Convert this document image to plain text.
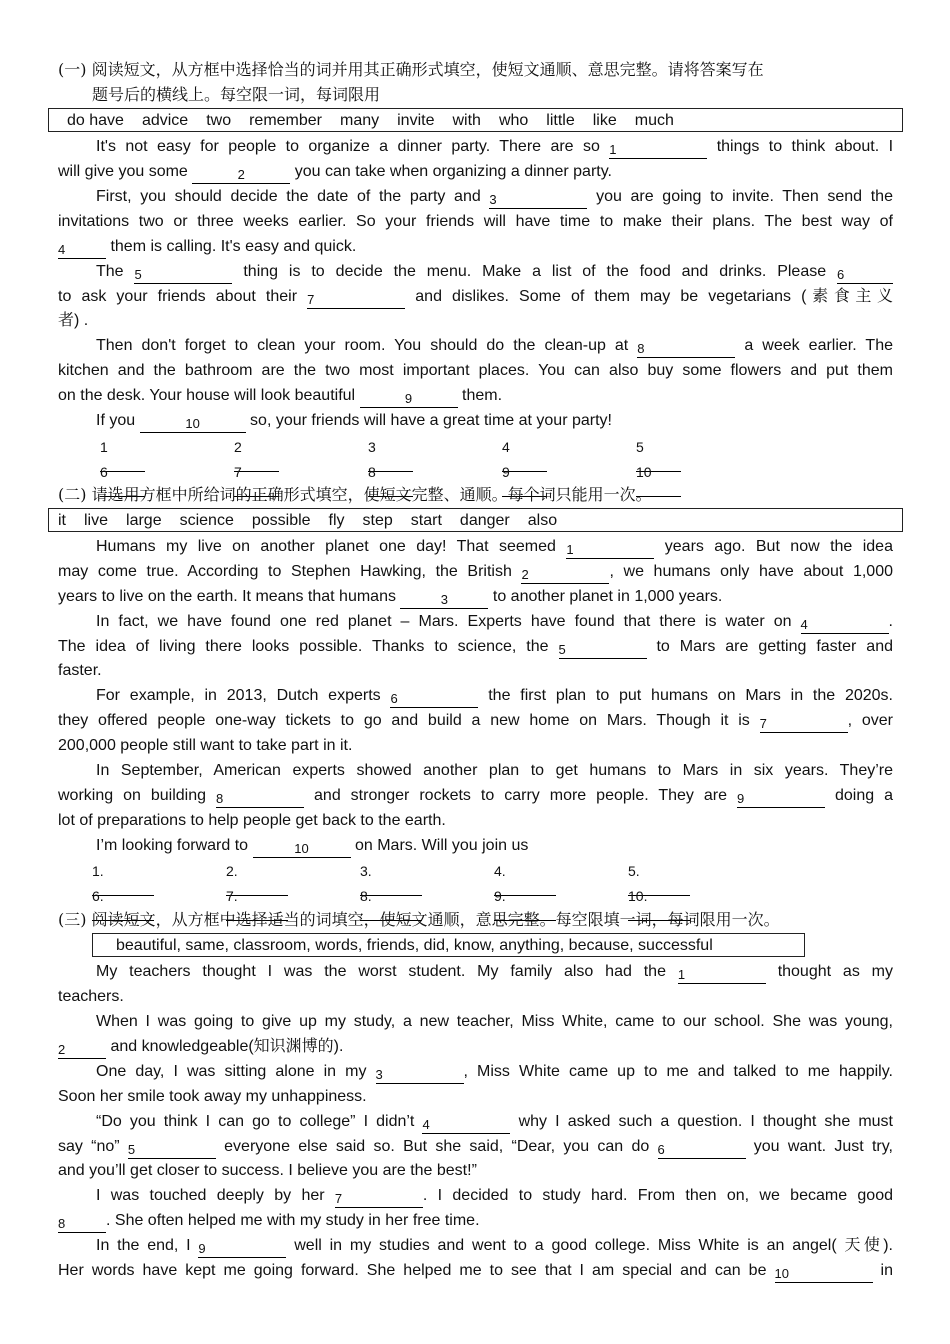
(一) 阅读短文，从方框中选择恰当的词并用其正确形式填空，使短文通顺、意思完整。请将答案写在
题号后的横线上。每空限一词，每词限用
do have advice two remember many invite with who little like much
It's not easy for people to organize a dinner party. There are so 1	things to think about. I
will give you some	2	you can take when organizing a dinner party.
First, you should decide the date of the party and 3	you are going to invite. Then send the
invitations two or three weeks earlier. So your friends will have time to make their plans. The best way of
4	them is calling. It's easy and quick.
The 5	thing is to decide the menu. Make a list of the food and drinks. Please 6
to ask your friends about their 7	and dislikes. Some of them may be vegetarians (素食主义
者) .
Then don't forget to clean your room. You should do the clean-up at 8	a week earlier. The
kitchen and the bathroom are the two most important places. You can also buy some flowers and put them
on the desk. Your house will look beautiful	9	them.
If you	10	so, your friends will have a great time at your party!
1	2	3	4	5
6	7	8	9	10
(二) 请选用方框中所给词的正确形式填空，使短文完整、通顺。每个词只能用一次。
it live large science possible fly step start danger also
Humans my live on another planet one day! That seemed 1	years ago. But now the idea
may come true. According to Stephen Hawking, the British 2	, we humans only have about 1,000
years to live on the earth. It means that humans	3	to another planet in 1,000 years.
In fact, we have found one red planet – Mars. Experts have found that there is water on 4	.
The idea of living there looks possible. Thanks to science, the 5	to Mars are getting faster and
faster.
For example, in 2013, Dutch experts 6	the first plan to put humans on Mars in the 2020s.
they offered people one-way tickets to go and build a new home on Mars. Though it is 7	, over
200,000 people still want to take part in it.
In September, American experts showed another plan to get humans to Mars in six years. They’re
working on building 8	and stronger rockets to carry more people. They are 9	doing a
lot of preparations to help people get back to the earth.
I’m looking forward to	10	on Mars. Will you join us
1.	2.	3.	4.	5.
6.	7.	8.	9.	10.
(三) 阅读短文，从方框中选择适当的词填空，使短文通顺，意思完整。每空限填一词，每词限用一次。
beautiful, same, classroom, words, friends, did, know, anything, because, successful
My teachers thought I was the worst student. My family also had the 1	thought as my
teachers.
When I was going to give up my study, a new teacher, Miss White, came to our school. She was young,
2	and knowledgeable(知识渊博的).
One day, I was sitting alone in my 3	, Miss White came up to me and talked to me happily.
Soon her smile took away my unhappiness.
“Do you think I can go to college” I didn’t 4	why I asked such a question. I thought she must
say “no” 5	everyone else said so. But she said, “Dear, you can do 6	you want. Just try,
and you’ll get closer to success. I believe you are the best!”
I was touched deeply by her 7	. I decided to study hard. From then on, we became good
8	. She often helped me with my study in her free time.
In the end, I 9	well in my studies and went to a good college. Miss White is an angel( 天使).
Her words have kept me going forward. She helped me to see that I am special and can be 10	in
